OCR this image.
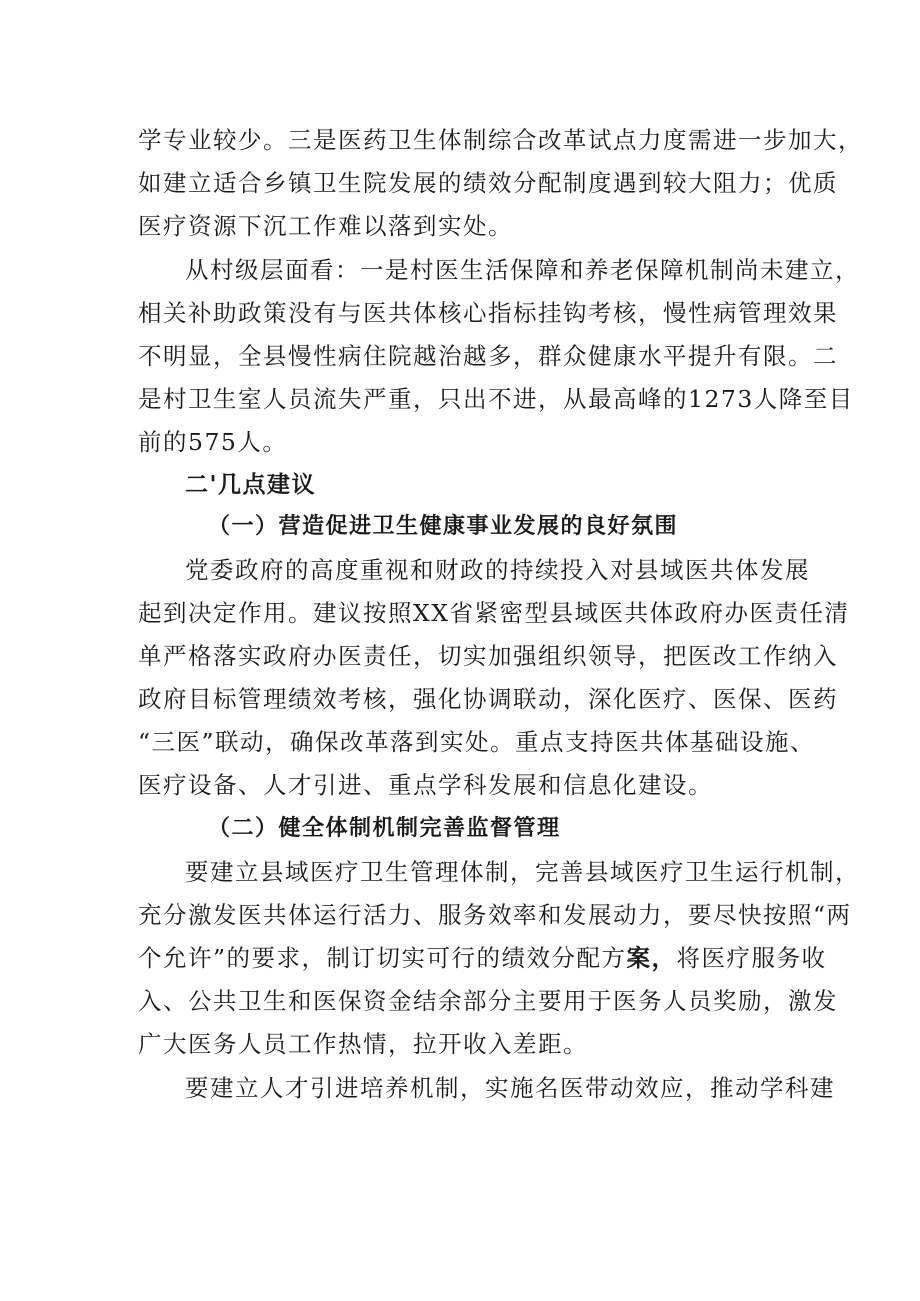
学专业较少。三是医药卫生体制综合改革试点力度需进一步加大，
如建立适合乡镇卫生院发展的绩效分配制度遇到较大阻力；优质
医疗资源下沉工作难以落到实处。
从村级层面看：一是村医生活保障和养老保障机制尚未建立，
相关补助政策没有与医共体核心指标挂钩考核，慢性病管理效果
不明显，全县慢性病住院越治越多，群众健康水平提升有限。二
是村卫生室人员流失严重，只出不进，从最高峰的1273人降至目
前的575人。
二'几点建议
（一）营造促进卫生健康事业发展的良好氛围
党委政府的高度重视和财政的持续投入对县域医共体发展
起到决定作用。建议按照XX省紧密型县域医共体政府办医责任清
单严格落实政府办医责任，切实加强组织领导，把医改工作纳入
政府目标管理绩效考核，强化协调联动，深化医疗、医保、医药
“三医”联动，确保改革落到实处。重点支持医共体基础设施、
医疗设备、人才引进、重点学科发展和信息化建设。
（二）健全体制机制完善监督管理
要建立县域医疗卫生管理体制，完善县域医疗卫生运行机制，
充分激发医共体运行活力、服务效率和发展动力，要尽快按照“两
个允许”的要求，制订切实可行的绩效分配方案，将医疗服务收
入、公共卫生和医保资金结余部分主要用于医务人员奖励，激发
广大医务人员工作热情，拉开收入差距。
要建立人才引进培养机制，实施名医带动效应，推动学科建
